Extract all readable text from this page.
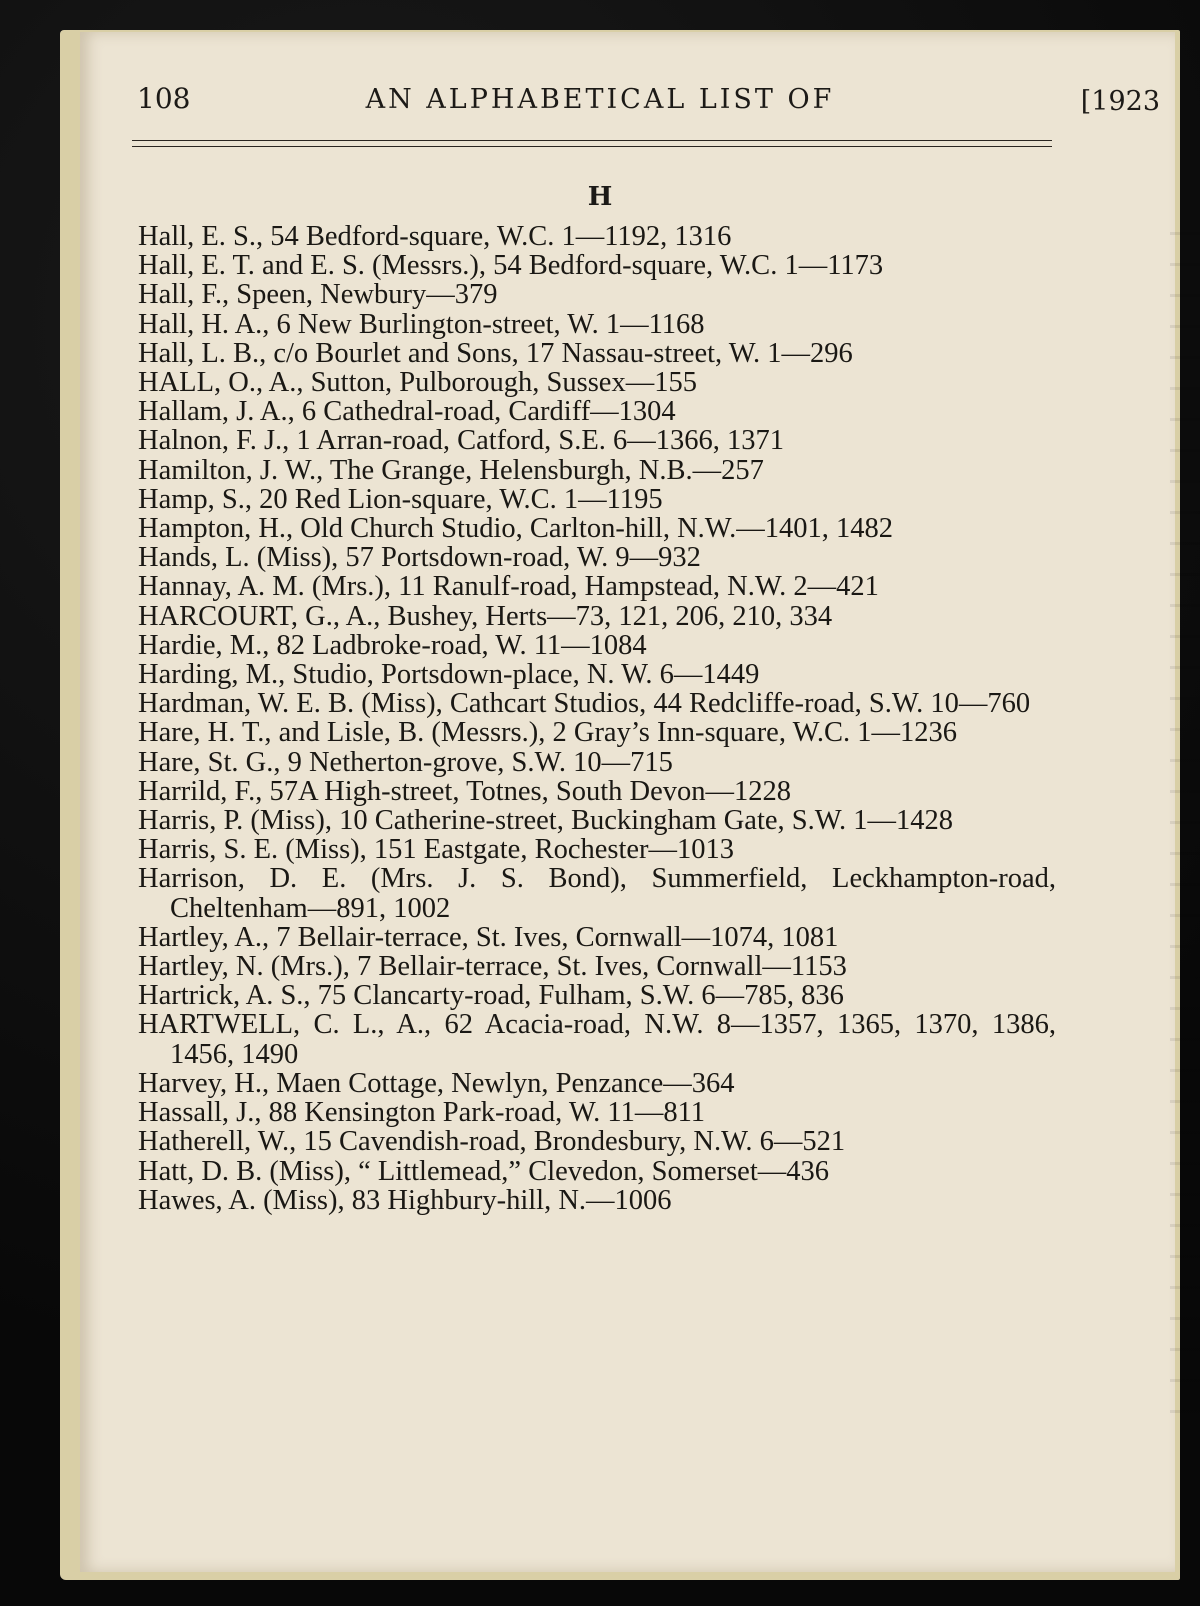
108	AN ALPHABETICAL LIST OF	[1923
H

Hall, E. S., 54 Bedford-square, W.C. 1—1192, 1316

Hall, E. T. and E. S. (Messrs.), 54 Bedford-square, W.C. 1—1173

Hall, F., Speen, Newbury—379

Hall, H. A., 6 New Burlington-street, W. 1—1168

Hall, L. B., c/o Bourlet and Sons, 17 Nassau-street, W. 1—296

HALL, O., A., Sutton, Pulborough, Sussex—155

Hallam, J. A., 6 Cathedral-road, Cardiff—1304

Halnon, F. J., 1 Arran-road, Catford, S.E. 6—1366, 1371

Hamilton, J. W., The Grange, Helensburgh, N.B.—257

Hamp, S., 20 Red Lion-square, W.C. 1—1195

Hampton, H., Old Church Studio, Carlton-hill, N.W.—1401, 1482

Hands, L. (Miss), 57 Portsdown-road, W. 9—932

Hannay, A. M. (Mrs.), 11 Ranulf-road, Hampstead, N.W. 2—421

HARCOURT, G., A., Bushey, Herts—73, 121, 206, 210, 334

Hardie, M., 82 Ladbroke-road, W. 11—1084

Harding, M., Studio, Portsdown-place, N. W. 6—1449

Hardman, W. E. B. (Miss), Cathcart Studios, 44 Redcliffe-road, S.W. 10—760

Hare, H. T., and Lisle, B. (Messrs.), 2 Gray’s Inn-square, W.C. 1—1236

Hare, St. G., 9 Netherton-grove, S.W. 10—715

Harrild, F., 57A High-street, Totnes, South Devon—1228

Harris, P. (Miss), 10 Catherine-street, Buckingham Gate, S.W. 1—1428

Harris, S. E. (Miss), 151 Eastgate, Rochester—1013

Harrison, D. E. (Mrs. J. S. Bond), Summerfield, Leckhampton-road, Cheltenham—891, 1002

Hartley, A., 7 Bellair-terrace, St. Ives, Cornwall—1074, 1081

Hartley, N. (Mrs.), 7 Bellair-terrace, St. Ives, Cornwall—1153

Hartrick, A. S., 75 Clancarty-road, Fulham, S.W. 6—785, 836

HARTWELL, C. L., A., 62 Acacia-road, N.W. 8—1357, 1365, 1370, 1386, 1456, 1490

Harvey, H., Maen Cottage, Newlyn, Penzance—364

Hassall, J., 88 Kensington Park-road, W. 11—811

Hatherell, W., 15 Cavendish-road, Brondesbury, N.W. 6—521

Hatt, D. B. (Miss), “ Littlemead,” Clevedon, Somerset—436

Hawes, A. (Miss), 83 Highbury-hill, N.—1006
